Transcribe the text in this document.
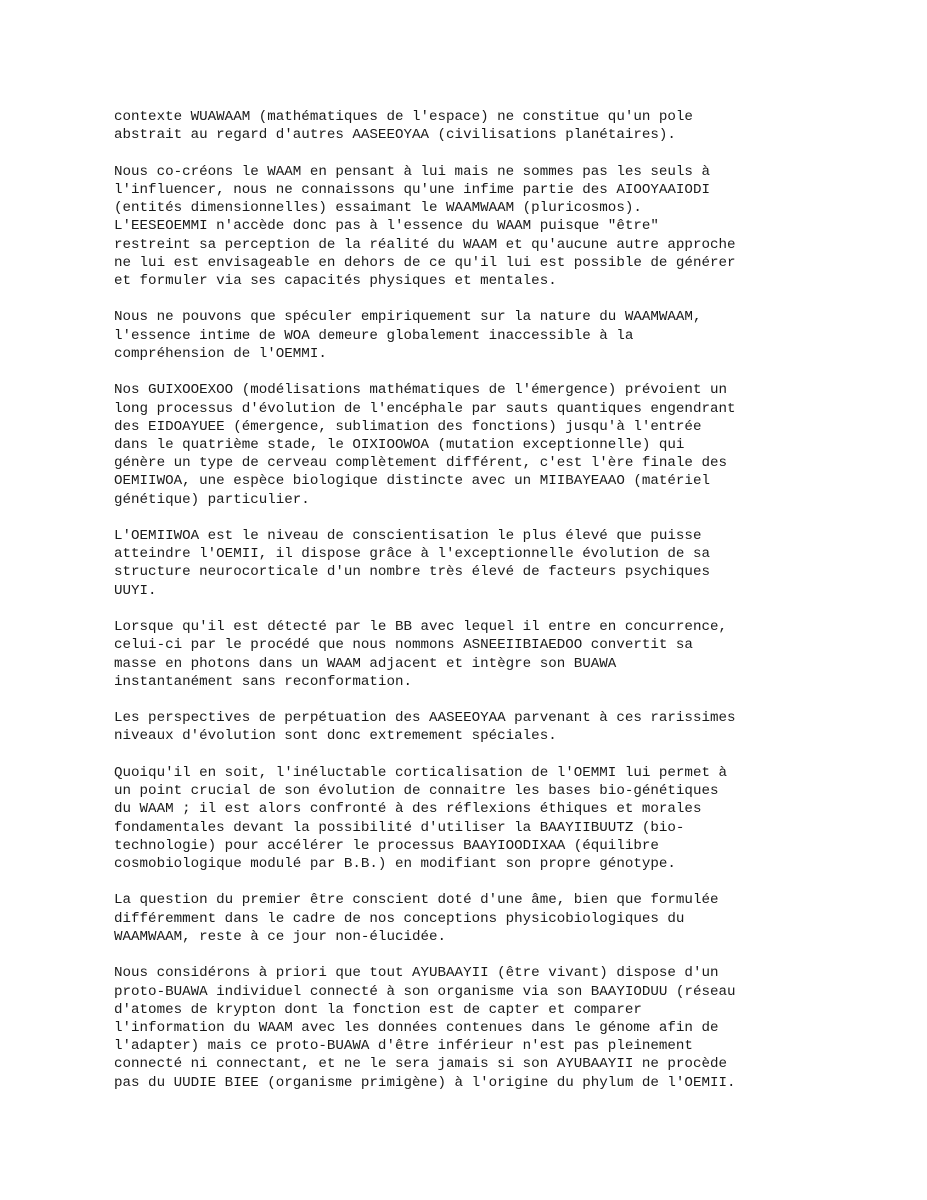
contexte WUAWAAM (mathématiques de l'espace) ne constitue qu'un pole
abstrait au regard d'autres AASEEOYAA (civilisations planétaires).
Nous co-créons le WAAM en pensant à lui mais ne sommes pas les seuls à
l'influencer, nous ne connaissons qu'une infime partie des AIOOYAAIODI
(entités dimensionnelles) essaimant le WAAMWAAM (pluricosmos).
L'EESEOEMMI n'accède donc pas à l'essence du WAAM puisque "être"
restreint sa perception de la réalité du WAAM et qu'aucune autre approche
ne lui est envisageable en dehors de ce qu'il lui est possible de générer
et formuler via ses capacités physiques et mentales.
Nous ne pouvons que spéculer empiriquement sur la nature du WAAMWAAM,
l'essence intime de WOA demeure globalement inaccessible à la
compréhension de l'OEMMI.
Nos GUIXOOEXOO (modélisations mathématiques de l'émergence) prévoient un
long processus d'évolution de l'encéphale par sauts quantiques engendrant
des EIDOAYUEE (émergence, sublimation des fonctions) jusqu'à l'entrée
dans le quatrième stade, le OIXIOOWOA (mutation exceptionnelle) qui
génère un type de cerveau complètement différent, c'est l'ère finale des
OEMIIWOA, une espèce biologique distincte avec un MIIBAYEAAO (matériel
génétique) particulier.
L'OEMIIWOA est le niveau de conscientisation le plus élevé que puisse
atteindre l'OEMII, il dispose grâce à l'exceptionnelle évolution de sa
structure neurocorticale d'un nombre très élevé de facteurs psychiques
UUYI.
Lorsque qu'il est détecté par le BB avec lequel il entre en concurrence,
celui-ci par le procédé que nous nommons ASNEEIIBIAEDOO convertit sa
masse en photons dans un WAAM adjacent et intègre son BUAWA
instantanément sans reconformation.
Les perspectives de perpétuation des AASEEOYAA parvenant à ces rarissimes
niveaux d'évolution sont donc extremement spéciales.
Quoiqu'il en soit, l'inéluctable corticalisation de l'OEMMI lui permet à
un point crucial de son évolution de connaitre les bases bio-génétiques
du WAAM ; il est alors confronté à des réflexions éthiques et morales
fondamentales devant la possibilité d'utiliser la BAAYIIBUUTZ (bio-
technologie) pour accélérer le processus BAAYIOODIXAA (équilibre
cosmobiologique modulé par B.B.) en modifiant son propre génotype.
La question du premier être conscient doté d'une âme, bien que formulée
différemment dans le cadre de nos conceptions physicobiologiques du
WAAMWAAM, reste à ce jour non-élucidée.
Nous considérons à priori que tout AYUBAAYII (être vivant) dispose d'un
proto-BUAWA individuel connecté à son organisme via son BAAYIODUU (réseau
d'atomes de krypton dont la fonction est de capter et comparer
l'information du WAAM avec les données contenues dans le génome afin de
l'adapter) mais ce proto-BUAWA d'être inférieur n'est pas pleinement
connecté ni connectant, et ne le sera jamais si son AYUBAAYII ne procède
pas du UUDIE BIEE (organisme primigène) à l'origine du phylum de l'OEMII.
